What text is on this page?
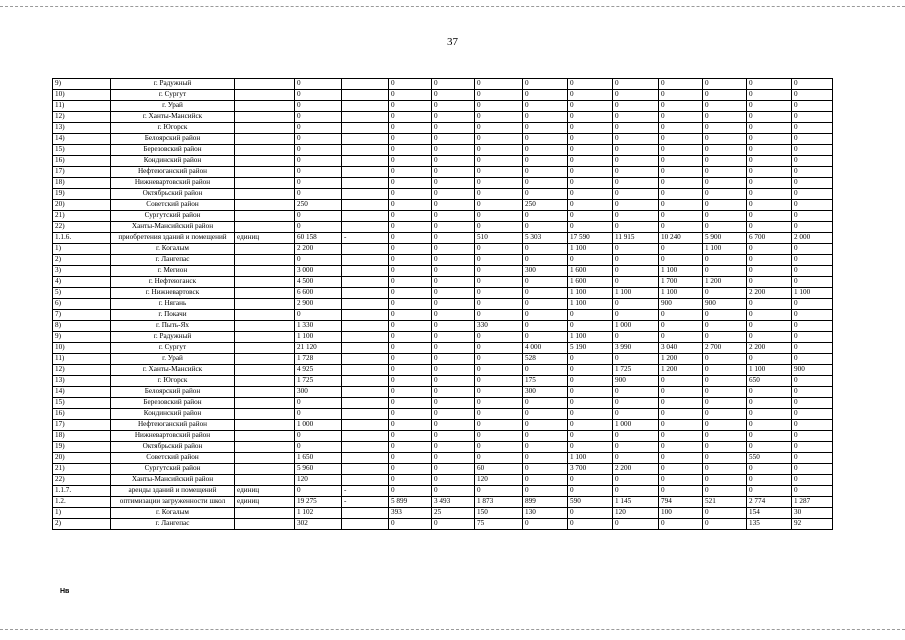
37
9)	г. Радужный		0		0	0	0	0	0	0	0	0	0	0
10)	г. Сургут		0		0	0	0	0	0	0	0	0	0	0
11)	г. Урай		0		0	0	0	0	0	0	0	0	0	0
12)	г. Ханты-Мансийск		0		0	0	0	0	0	0	0	0	0	0
13)	г. Югорск		0		0	0	0	0	0	0	0	0	0	0
14)	Белоярский район		0		0	0	0	0	0	0	0	0	0	0
15)	Березовский район		0		0	0	0	0	0	0	0	0	0	0
16)	Кондинский район		0		0	0	0	0	0	0	0	0	0	0
17)	Нефтеюганский район		0		0	0	0	0	0	0	0	0	0	0
18)	Нижневартовский район		0		0	0	0	0	0	0	0	0	0	0
19)	Октябрьский район		0		0	0	0	0	0	0	0	0	0	0
20)	Советский район		250		0	0	0	250	0	0	0	0	0	0
21)	Сургутский район		0		0	0	0	0	0	0	0	0	0	0
22)	Ханты-Мансийский район		0		0	0	0	0	0	0	0	0	0	0
1.1.6.	приобретения зданий и помещений	единиц	60 158	-	0	0	510	5 303	17 590	11 915	10 240	5 900	6 700	2 000
1)	г. Когалым		2 200		0	0	0	0	1 100	0	0	1 100	0	0
2)	г. Лангепас		0		0	0	0	0	0	0	0	0	0	0
3)	г. Мегион		3 000		0	0	0	300	1 600	0	1 100	0	0	0
4)	г. Нефтеюганск		4 500		0	0	0	0	1 600	0	1 700	1 200	0	0
5)	г. Нижневартовск		6 600		0	0	0	0	1 100	1 100	1 100	0	2 200	1 100
6)	г. Нягань		2 900		0	0	0	0	1 100	0	900	900	0	0
7)	г. Покачи		0		0	0	0	0	0	0	0	0	0	0
8)	г. Пыть-Ях		1 330		0	0	330	0	0	1 000	0	0	0	0
9)	г. Радужный		1 100		0	0	0	0	1 100	0	0	0	0	0
10)	г. Сургут		21 120		0	0	0	4 000	5 190	3 990	3 040	2 700	2 200	0
11)	г. Урай		1 728		0	0	0	528	0	0	1 200	0	0	0
12)	г. Ханты-Мансийск		4 925		0	0	0	0	0	1 725	1 200	0	1 100	900
13)	г. Югорск		1 725		0	0	0	175	0	900	0	0	650	0
14)	Белоярский район		300		0	0	0	300	0	0	0	0	0	0
15)	Березовский район		0		0	0	0	0	0	0	0	0	0	0
16)	Кондинский район		0		0	0	0	0	0	0	0	0	0	0
17)	Нефтеюганский район		1 000		0	0	0	0	0	1 000	0	0	0	0
18)	Нижневартовский район		0		0	0	0	0	0	0	0	0	0	0
19)	Октябрьский район		0		0	0	0	0	0	0	0	0	0	0
20)	Советский район		1 650		0	0	0	0	1 100	0	0	0	550	0
21)	Сургутский район		5 960		0	0	60	0	3 700	2 200	0	0	0	0
22)	Ханты-Мансийский район		120		0	0	120	0	0	0	0	0	0	0
1.1.7.	аренды зданий и помещений	единиц	0	-	0	0	0	0	0	0	0	0	0	0
1.2.	оптимизации загруженности школ	единиц	19 275	-	5 899	3 493	1 873	899	590	1 145	794	521	2 774	1 287
1)	г. Когалым		1 102		393	25	150	130	0	120	100	0	154	30
2)	г. Лангепас		302		0	0	75	0	0	0	0	0	135	92
Нв
